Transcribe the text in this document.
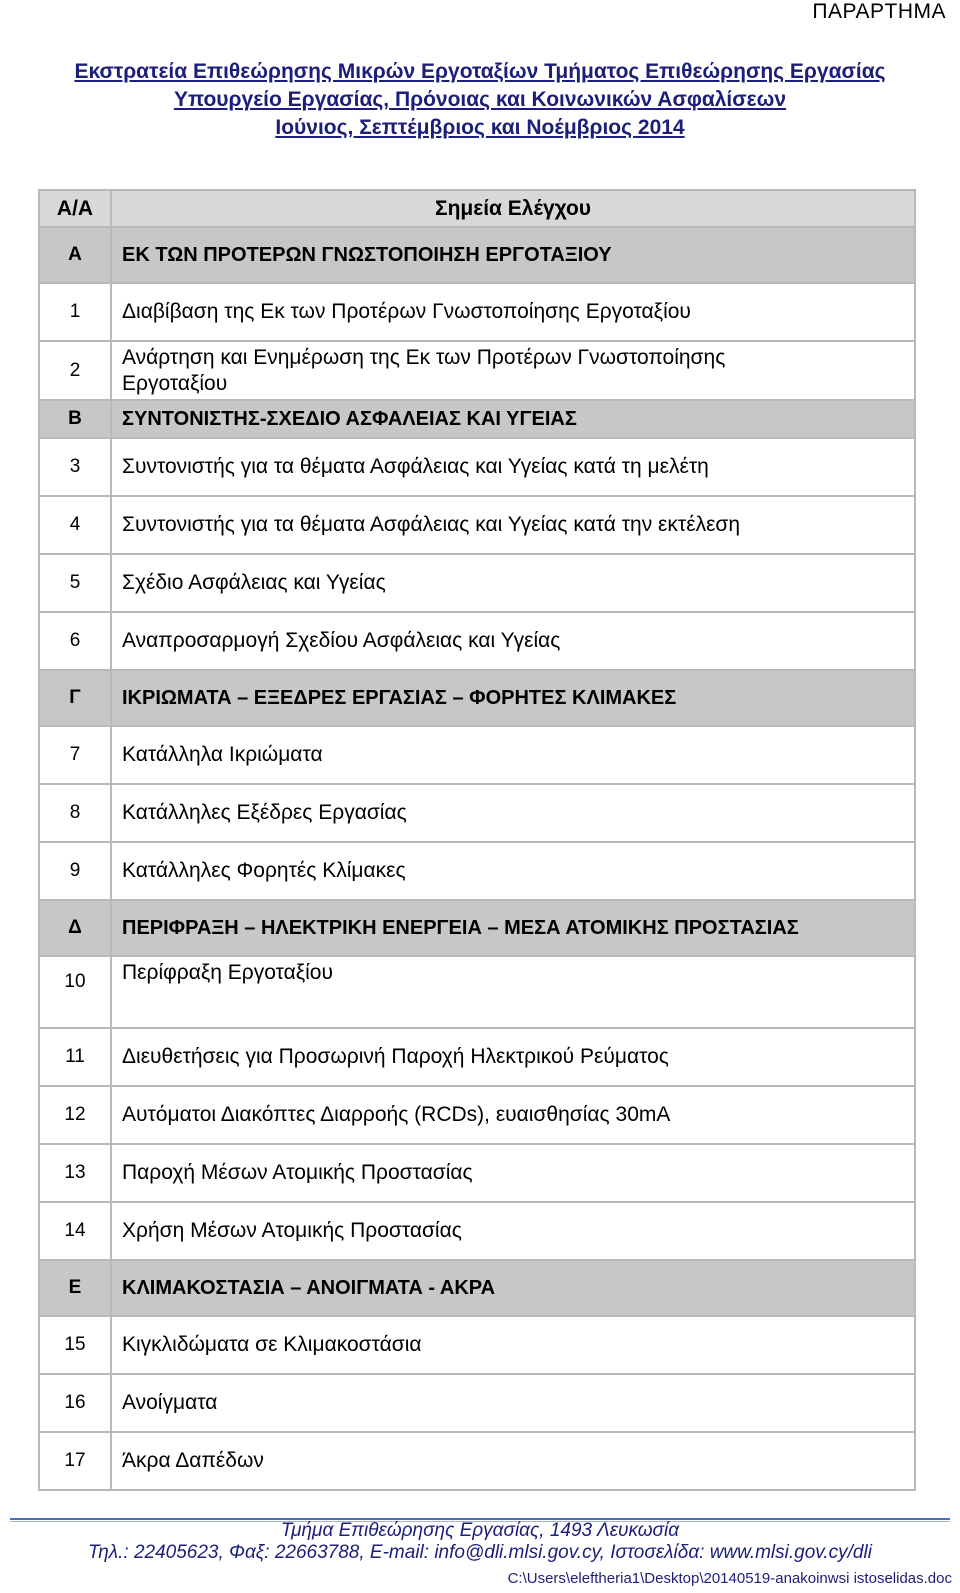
ΠΑΡΑΡΤΗΜΑ
Εκστρατεία Επιθεώρησης Μικρών Εργοταξίων Τμήματος Επιθεώρησης Εργασίας
Υπουργείο Εργασίας, Πρόνοιας και Κοινωνικών Ασφαλίσεων
Ιούνιος, Σεπτέμβριος και Νοέμβριος 2014
Α/Α	Σημεία Ελέγχου
Α	ΕΚ ΤΩΝ ΠΡΟΤΕΡΩΝ ΓΝΩΣΤΟΠΟΙΗΣΗ ΕΡΓΟΤΑΞΙΟΥ
1	Διαβίβαση της Εκ των Προτέρων Γνωστοποίησης Εργοταξίου
2	Ανάρτηση και Ενημέρωση της Εκ των Προτέρων Γνωστοποίησης
Εργοταξίου

Β	ΣΥΝΤΟΝΙΣΤΗΣ-ΣΧΕΔΙΟ ΑΣΦΑΛΕΙΑΣ ΚΑΙ ΥΓΕΙΑΣ
3	Συντονιστής για τα θέματα Ασφάλειας και Υγείας κατά τη μελέτη
4	Συντονιστής για τα θέματα Ασφάλειας και Υγείας κατά την εκτέλεση
5	Σχέδιο Ασφάλειας και Υγείας
6	Αναπροσαρμογή Σχεδίου Ασφάλειας και Υγείας
Γ	ΙΚΡΙΩΜΑΤΑ – ΕΞΕΔΡΕΣ ΕΡΓΑΣΙΑΣ – ΦΟΡΗΤΕΣ ΚΛΙΜΑΚΕΣ
7	Κατάλληλα Ικριώματα
8	Κατάλληλες Εξέδρες Εργασίας
9	Κατάλληλες Φορητές Κλίμακες
Δ	ΠΕΡΙΦΡΑΞΗ – ΗΛΕΚΤΡΙΚΗ ΕΝΕΡΓΕΙΑ – ΜΕΣΑ ΑΤΟΜΙΚΗΣ ΠΡΟΣΤΑΣΙΑΣ
10	Περίφραξη Εργοταξίου
11	Διευθετήσεις για Προσωρινή Παροχή Ηλεκτρικού Ρεύματος
12	Αυτόματοι Διακόπτες Διαρροής (RCDs), ευαισθησίας 30mA
13	Παροχή Μέσων Ατομικής Προστασίας
14	Χρήση Μέσων Ατομικής Προστασίας
Ε	ΚΛΙΜΑΚΟΣΤΑΣΙΑ – ΑΝΟΙΓΜΑΤΑ - ΑΚΡΑ
15	Κιγκλιδώματα σε Κλιμακοστάσια
16	Ανοίγματα
17	Άκρα Δαπέδων
Τμήμα Επιθεώρησης Εργασίας, 1493 Λευκωσία
Τηλ.: 22405623, Φαξ: 22663788, E-mail: info@dli.mlsi.gov.cy, Ιστοσελίδα: www.mlsi.gov.cy/dli
C:\Users\eleftheria1\Desktop\20140519-anakoinwsi istoselidas.doc
